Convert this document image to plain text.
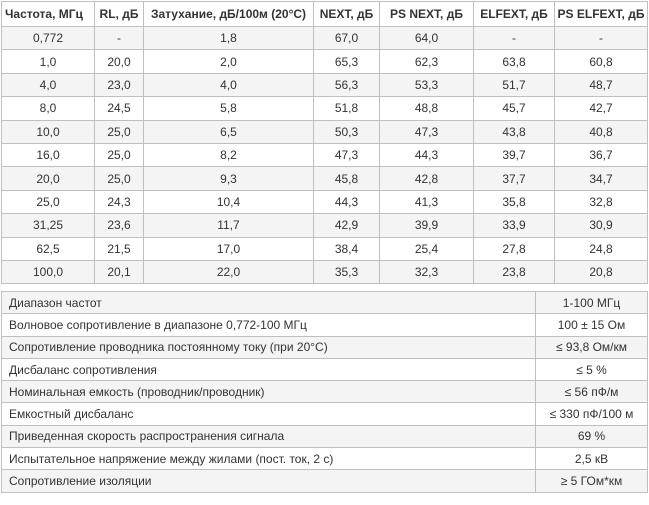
Частота, МГц	RL, дБ	Затухание, дБ/100м (20°С)	NEXT, дБ	PS NEXT, дБ	ELFEXT, дБ	PS ELFEXT, дБ
0,772	-	1,8	67,0	64,0	-	-
1,0	20,0	2,0	65,3	62,3	63,8	60,8
4,0	23,0	4,0	56,3	53,3	51,7	48,7
8,0	24,5	5,8	51,8	48,8	45,7	42,7
10,0	25,0	6,5	50,3	47,3	43,8	40,8
16,0	25,0	8,2	47,3	44,3	39,7	36,7
20,0	25,0	9,3	45,8	42,8	37,7	34,7
25,0	24,3	10,4	44,3	41,3	35,8	32,8
31,25	23,6	11,7	42,9	39,9	33,9	30,9
62,5	21,5	17,0	38,4	25,4	27,8	24,8
100,0	20,1	22,0	35,3	32,3	23,8	20,8
Диапазон частот	1-100 МГц
Волновое сопротивление в диапазоне 0,772-100 МГц	100 ± 15 Ом
Сопротивление проводника постоянному току (при 20°С)	≤ 93,8 Ом/км
Дисбаланс сопротивления	≤ 5 %
Номинальная емкость (проводник/проводник)	≤ 56 пФ/м
Емкостный дисбаланс	≤ 330 пФ/100 м
Приведенная скорость распространения сигнала	69 %
Испытательное напряжение между жилами (пост. ток, 2 с)	2,5 кВ
Сопротивление изоляции	≥ 5 ГОм*км
